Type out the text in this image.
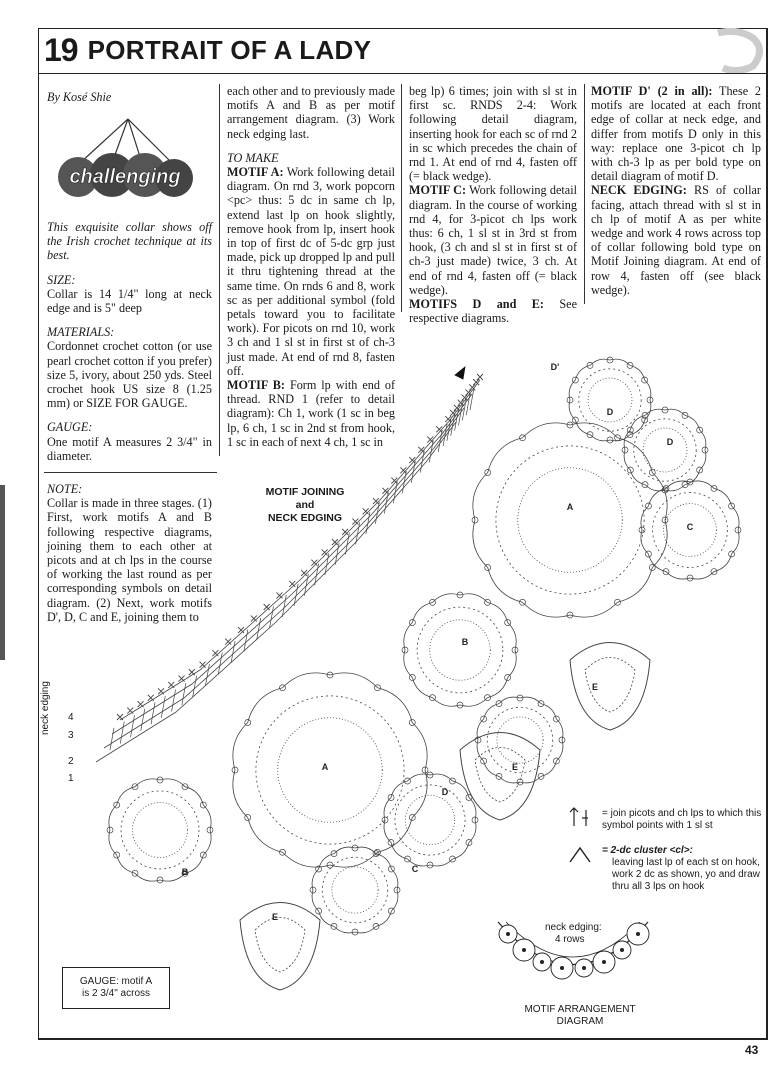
19 PORTRAIT OF A LADY

By Kosé Shie

challenging

This exquisite collar shows off the Irish crochet technique at its best.

SIZE:

Collar is 14 1/4" long at neck edge and is 5" deep

MATERIALS:

Cordonnet crochet cotton (or use pearl crochet cotton if you prefer) size 5, ivory, about 250 yds. Steel crochet hook US size 8 (1.25 mm) or SIZE FOR GAUGE.

GAUGE:

One motif A measures 2 3/4" in diameter.

NOTE:

Collar is made in three stages. (1) First, work motifs A and B following respective diagrams, joining them to each other at picots and at ch lps in the course of working the last round as per corresponding symbols on detail diagram. (2) Next, work motifs D', D, C and E, joining them to

each other and to previously made motifs A and B as per motif arrangement diagram. (3) Work neck edging last.

TO MAKE

MOTIF A: Work following detail diagram. On rnd 3, work popcorn <pc> thus: 5 dc in same ch lp, extend last lp on hook slightly, remove hook from lp, insert hook in top of first dc of 5-dc grp just made, pick up dropped lp and pull it thru tightening thread at the same time. On rnds 6 and 8, work sc as per additional symbol (fold petals toward you to facilitate work). For picots on rnd 10, work 3 ch and 1 sl st in first st of ch-3 just made. At end of rnd 8, fasten off.

MOTIF B: Form lp with end of thread. RND 1 (refer to detail diagram): Ch 1, work (1 sc in beg lp, 6 ch, 1 sc in 2nd st from hook, 1 sc in each of next 4 ch, 1 sc in

beg lp) 6 times; join with sl st in first sc. RNDS 2-4: Work following detail diagram, inserting hook for each sc of rnd 2 in sc which precedes the chain of rnd 1. At end of rnd 4, fasten off (= black wedge).

MOTIF C: Work following detail diagram. In the course of working rnd 4, for 3-picot ch lps work thus: 6 ch, 1 sl st in 3rd st from hook, (3 ch and sl st in first st of ch-3 just made) twice, 3 ch. At end of rnd 4, fasten off (= black wedge).

MOTIFS D and E: See respective diagrams.

MOTIF D' (2 in all): These 2 motifs are located at each front edge of collar at neck edge, and differ from motifs D only in this way: replace one 3-picot ch lp with ch-3 lp as per bold type on detail diagram of motif D.

NECK EDGING: RS of collar facing, attach thread with sl st in ch lp of motif A as per white wedge and work 4 rows across top of collar following bold type on Motif Joining diagram. At end of row 4, fasten off (see black wedge).

MOTIF JOINING
and
NECK EDGING
A
A
B
B
C
C
D
D
D
D'
E
E
E
neck edging 4
3
2
1
= join picots and ch lps to which this symbol points with 1 sl st
= 2-dc cluster <cl>:
leaving last lp of each st on hook, work 2 dc as shown, yo and draw thru all 3 lps on hook
neck edging:
4 rows
MOTIF ARRANGEMENT
DIAGRAM
GAUGE: motif A
is 2 3/4" across
43
